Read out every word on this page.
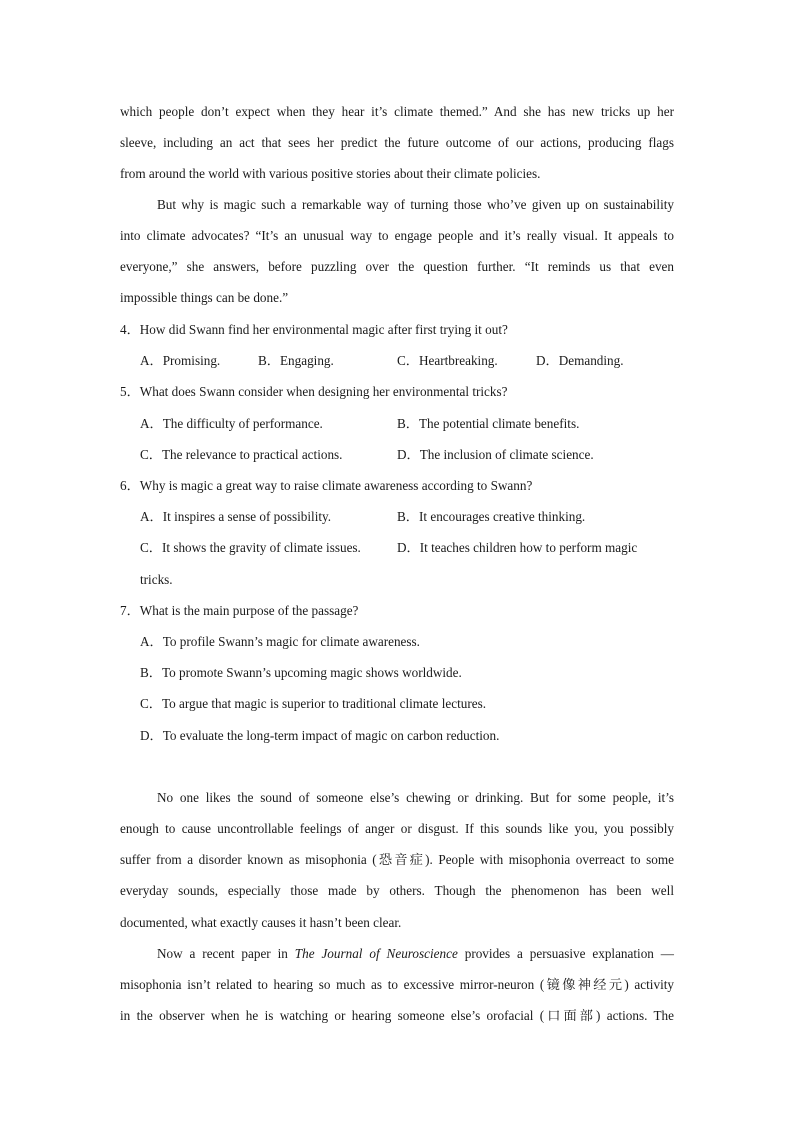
which people don’t expect when they hear it’s climate themed.” And she has new tricks up her
sleeve, including an act that sees her predict the future outcome of our actions, producing flags
from around the world with various positive stories about their climate policies.
But why is magic such a remarkable way of turning those who’ve given up on sustainability
into climate advocates? “It’s an unusual way to engage people and it’s really visual. It appeals to
everyone,” she answers, before puzzling over the question further. “It reminds us that even
impossible things can be done.”
4．How did Swann find her environmental magic after first trying it out?
A．Promising.	B．Engaging.	C．Heartbreaking.	D．Demanding.
5．What does Swann consider when designing her environmental tricks?
A．The difficulty of performance.	B．The potential climate benefits.
C．The relevance to practical actions.	D．The inclusion of climate science.
6．Why is magic a great way to raise climate awareness according to Swann?
A．It inspires a sense of possibility.	B．It encourages creative thinking.
C．It shows the gravity of climate issues.	D．It teaches children how to perform magic
tricks.
7．What is the main purpose of the passage?
A．To profile Swann’s magic for climate awareness.
B．To promote Swann’s upcoming magic shows worldwide.
C．To argue that magic is superior to traditional climate lectures.
D．To evaluate the long-term impact of magic on carbon reduction.
No one likes the sound of someone else’s chewing or drinking. But for some people, it’s
enough to cause uncontrollable feelings of anger or disgust. If this sounds like you, you possibly
suffer from a disorder known as misophonia (恐音症). People with misophonia overreact to some
everyday sounds, especially those made by others. Though the phenomenon has been well
documented, what exactly causes it hasn’t been clear.
Now a recent paper in The Journal of Neuroscience provides a persuasive explanation —
misophonia isn’t related to hearing so much as to excessive mirror-neuron (镜像神经元) activity
in the observer when he is watching or hearing someone else’s orofacial (口面部) actions. The
